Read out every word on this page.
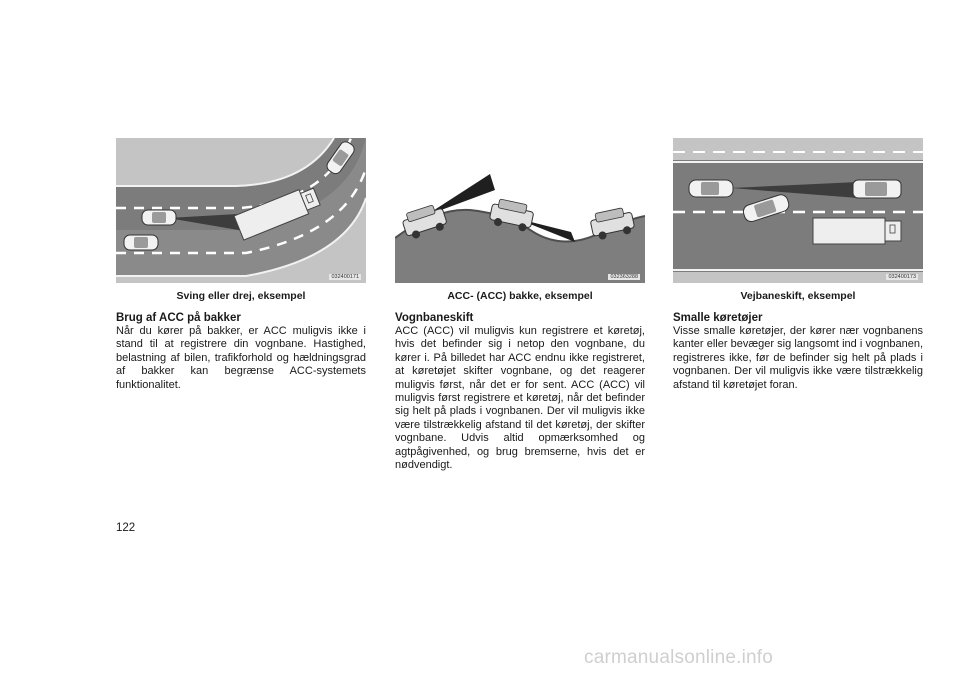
032400171
Sving eller drej, eksempel
Brug af ACC på bakker

Når du kører på bakker, er ACC muligvis ikke i stand til at registrere din vognbane. Hastighed, belastning af bilen, trafikforhold og hældningsgrad af bakker kan begrænse ACC-systemets funktionalitet.

032363288
ACC- (ACC) bakke, eksempel
Vognbaneskift

ACC (ACC) vil muligvis kun registrere et køretøj, hvis det befinder sig i netop den vognbane, du kører i. På billedet har ACC endnu ikke registreret, at køretøjet skifter vognbane, og det reagerer muligvis først, når det er for sent. ACC (ACC) vil muligvis først registrere et køretøj, når det befinder sig helt på plads i vognbanen. Der vil muligvis ikke være tilstrækkelig afstand til det køretøj, der skifter vognbane. Udvis altid opmærksomhed og agtpågivenhed, og brug bremserne, hvis det er nødvendigt.

032400173
Vejbaneskift, eksempel
Smalle køretøjer

Visse smalle køretøjer, der kører nær vognbanens kanter eller bevæger sig langsomt ind i vognbanen, registreres ikke, før de befinder sig helt på plads i vognbanen. Der vil muligvis ikke være tilstrækkelig afstand til køretøjet foran.

122
carmanualsonline.info
